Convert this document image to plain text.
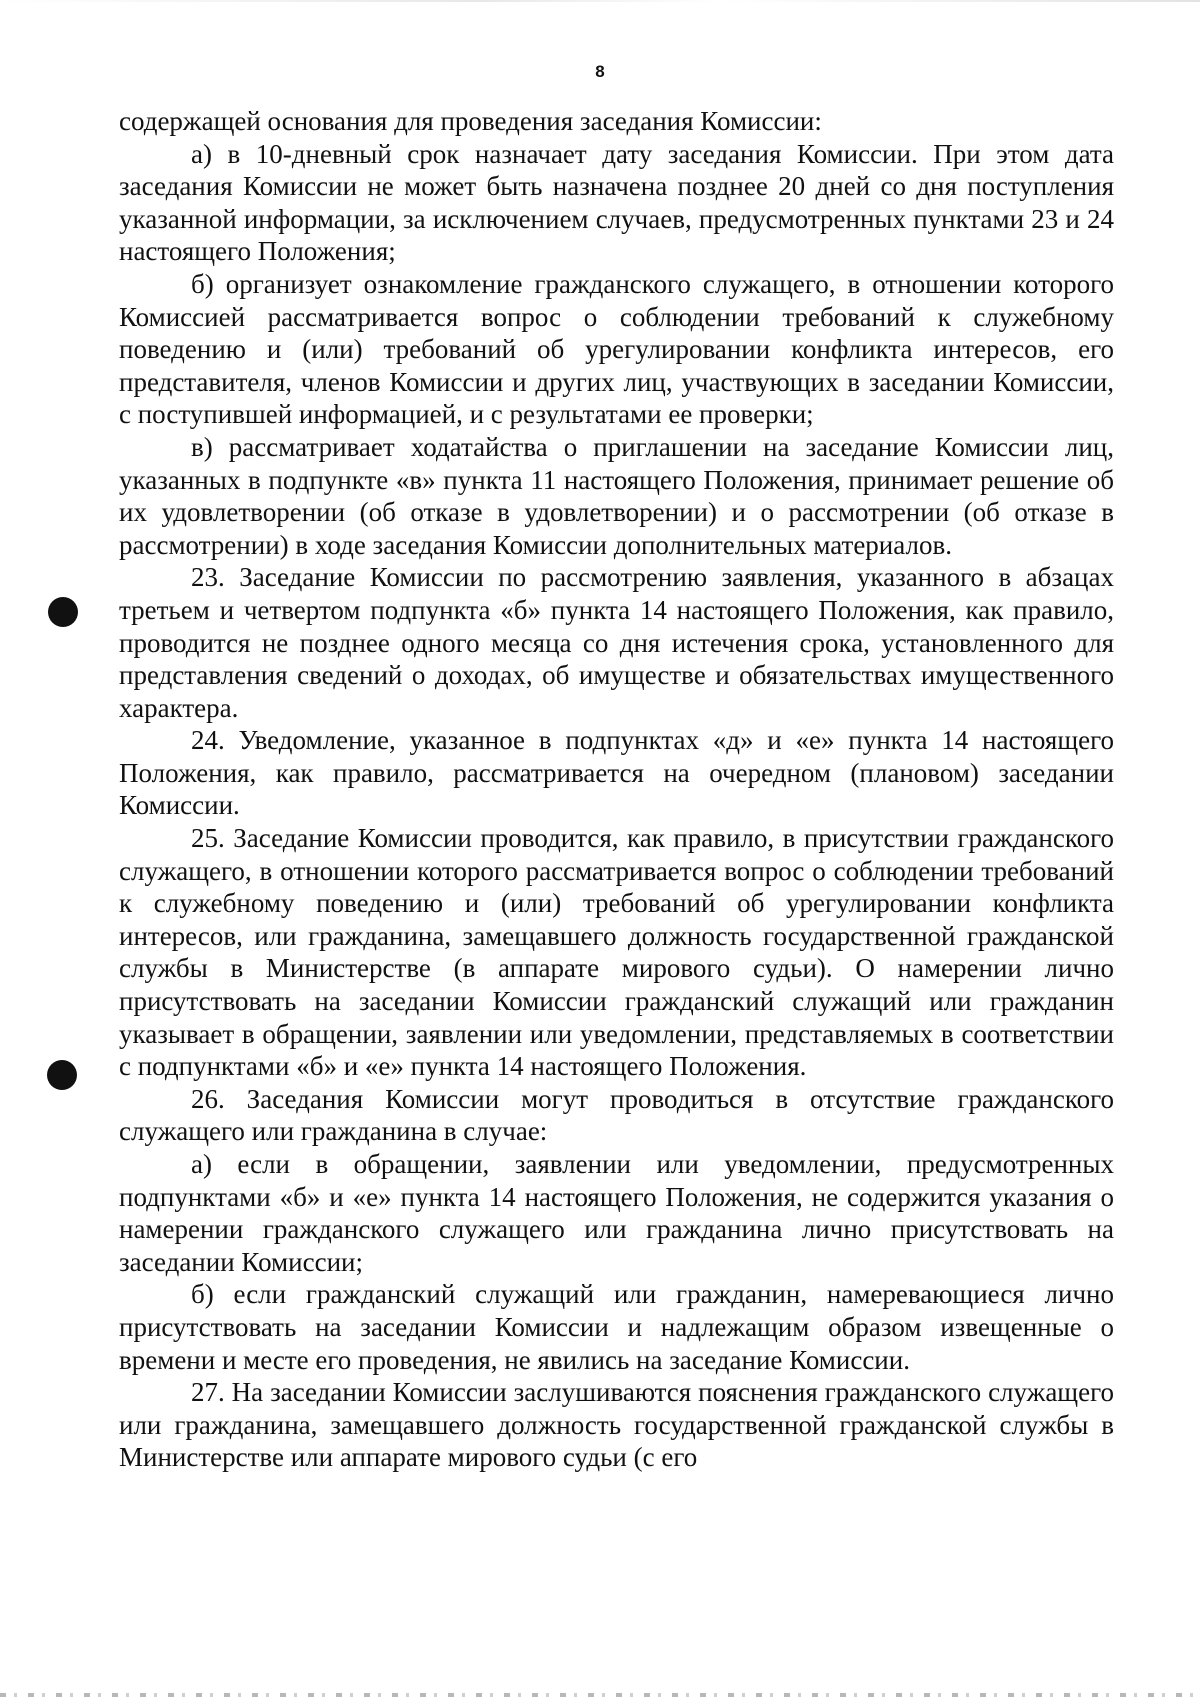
8

содержащей основания для проведения заседания Комиссии:

а) в 10-дневный срок назначает дату заседания Комиссии. При этом дата заседания Комиссии не может быть назначена позднее 20 дней со дня поступления указанной информации, за исключением случаев, предусмотренных пунктами 23 и 24 настоящего Положения;

б) организует ознакомление гражданского служащего, в отношении которого Комиссией рассматривается вопрос о соблюдении требований к служебному поведению и (или) требований об урегулировании конфликта интересов, его представителя, членов Комиссии и других лиц, участвующих в заседании Комиссии, с поступившей информацией, и с результатами ее проверки;

в) рассматривает ходатайства о приглашении на заседание Комиссии лиц, указанных в подпункте «в» пункта 11 настоящего Положения, принимает решение об их удовлетворении (об отказе в удовлетворении) и о рассмотрении (об отказе в рассмотрении) в ходе заседания Комиссии дополнительных материалов.

23. Заседание Комиссии по рассмотрению заявления, указанного в абзацах третьем и четвертом подпункта «б» пункта 14 настоящего Положения, как правило, проводится не позднее одного месяца со дня истечения срока, установленного для представления сведений о доходах, об имуществе и обязательствах имущественного характера.

24. Уведомление, указанное в подпунктах «д» и «е» пункта 14 настоящего Положения, как правило, рассматривается на очередном (плановом) заседании Комиссии.

25. Заседание Комиссии проводится, как правило, в присутствии гражданского служащего, в отношении которого рассматривается вопрос о соблюдении требований к служебному поведению и (или) требований об урегулировании конфликта интересов, или гражданина, замещавшего должность государственной гражданской службы в Министерстве (в аппарате мирового судьи). О намерении лично присутствовать на заседании Комиссии гражданский служащий или гражданин указывает в обращении, заявлении или уведомлении, представляемых в соответствии с подпунктами «б» и «е» пункта 14 настоящего Положения.

26. Заседания Комиссии могут проводиться в отсутствие гражданского служащего или гражданина в случае:

а) если в обращении, заявлении или уведомлении, предусмотренных подпунктами «б» и «е» пункта 14 настоящего Положения, не содержится указания о намерении гражданского служащего или гражданина лично присутствовать на заседании Комиссии;

б) если гражданский служащий или гражданин, намеревающиеся лично присутствовать на заседании Комиссии и надлежащим образом извещенные о времени и месте его проведения, не явились на заседание Комиссии.

27. На заседании Комиссии заслушиваются пояснения гражданского служащего или гражданина, замещавшего должность государственной гражданской службы в Министерстве или аппарате мирового судьи (с его
